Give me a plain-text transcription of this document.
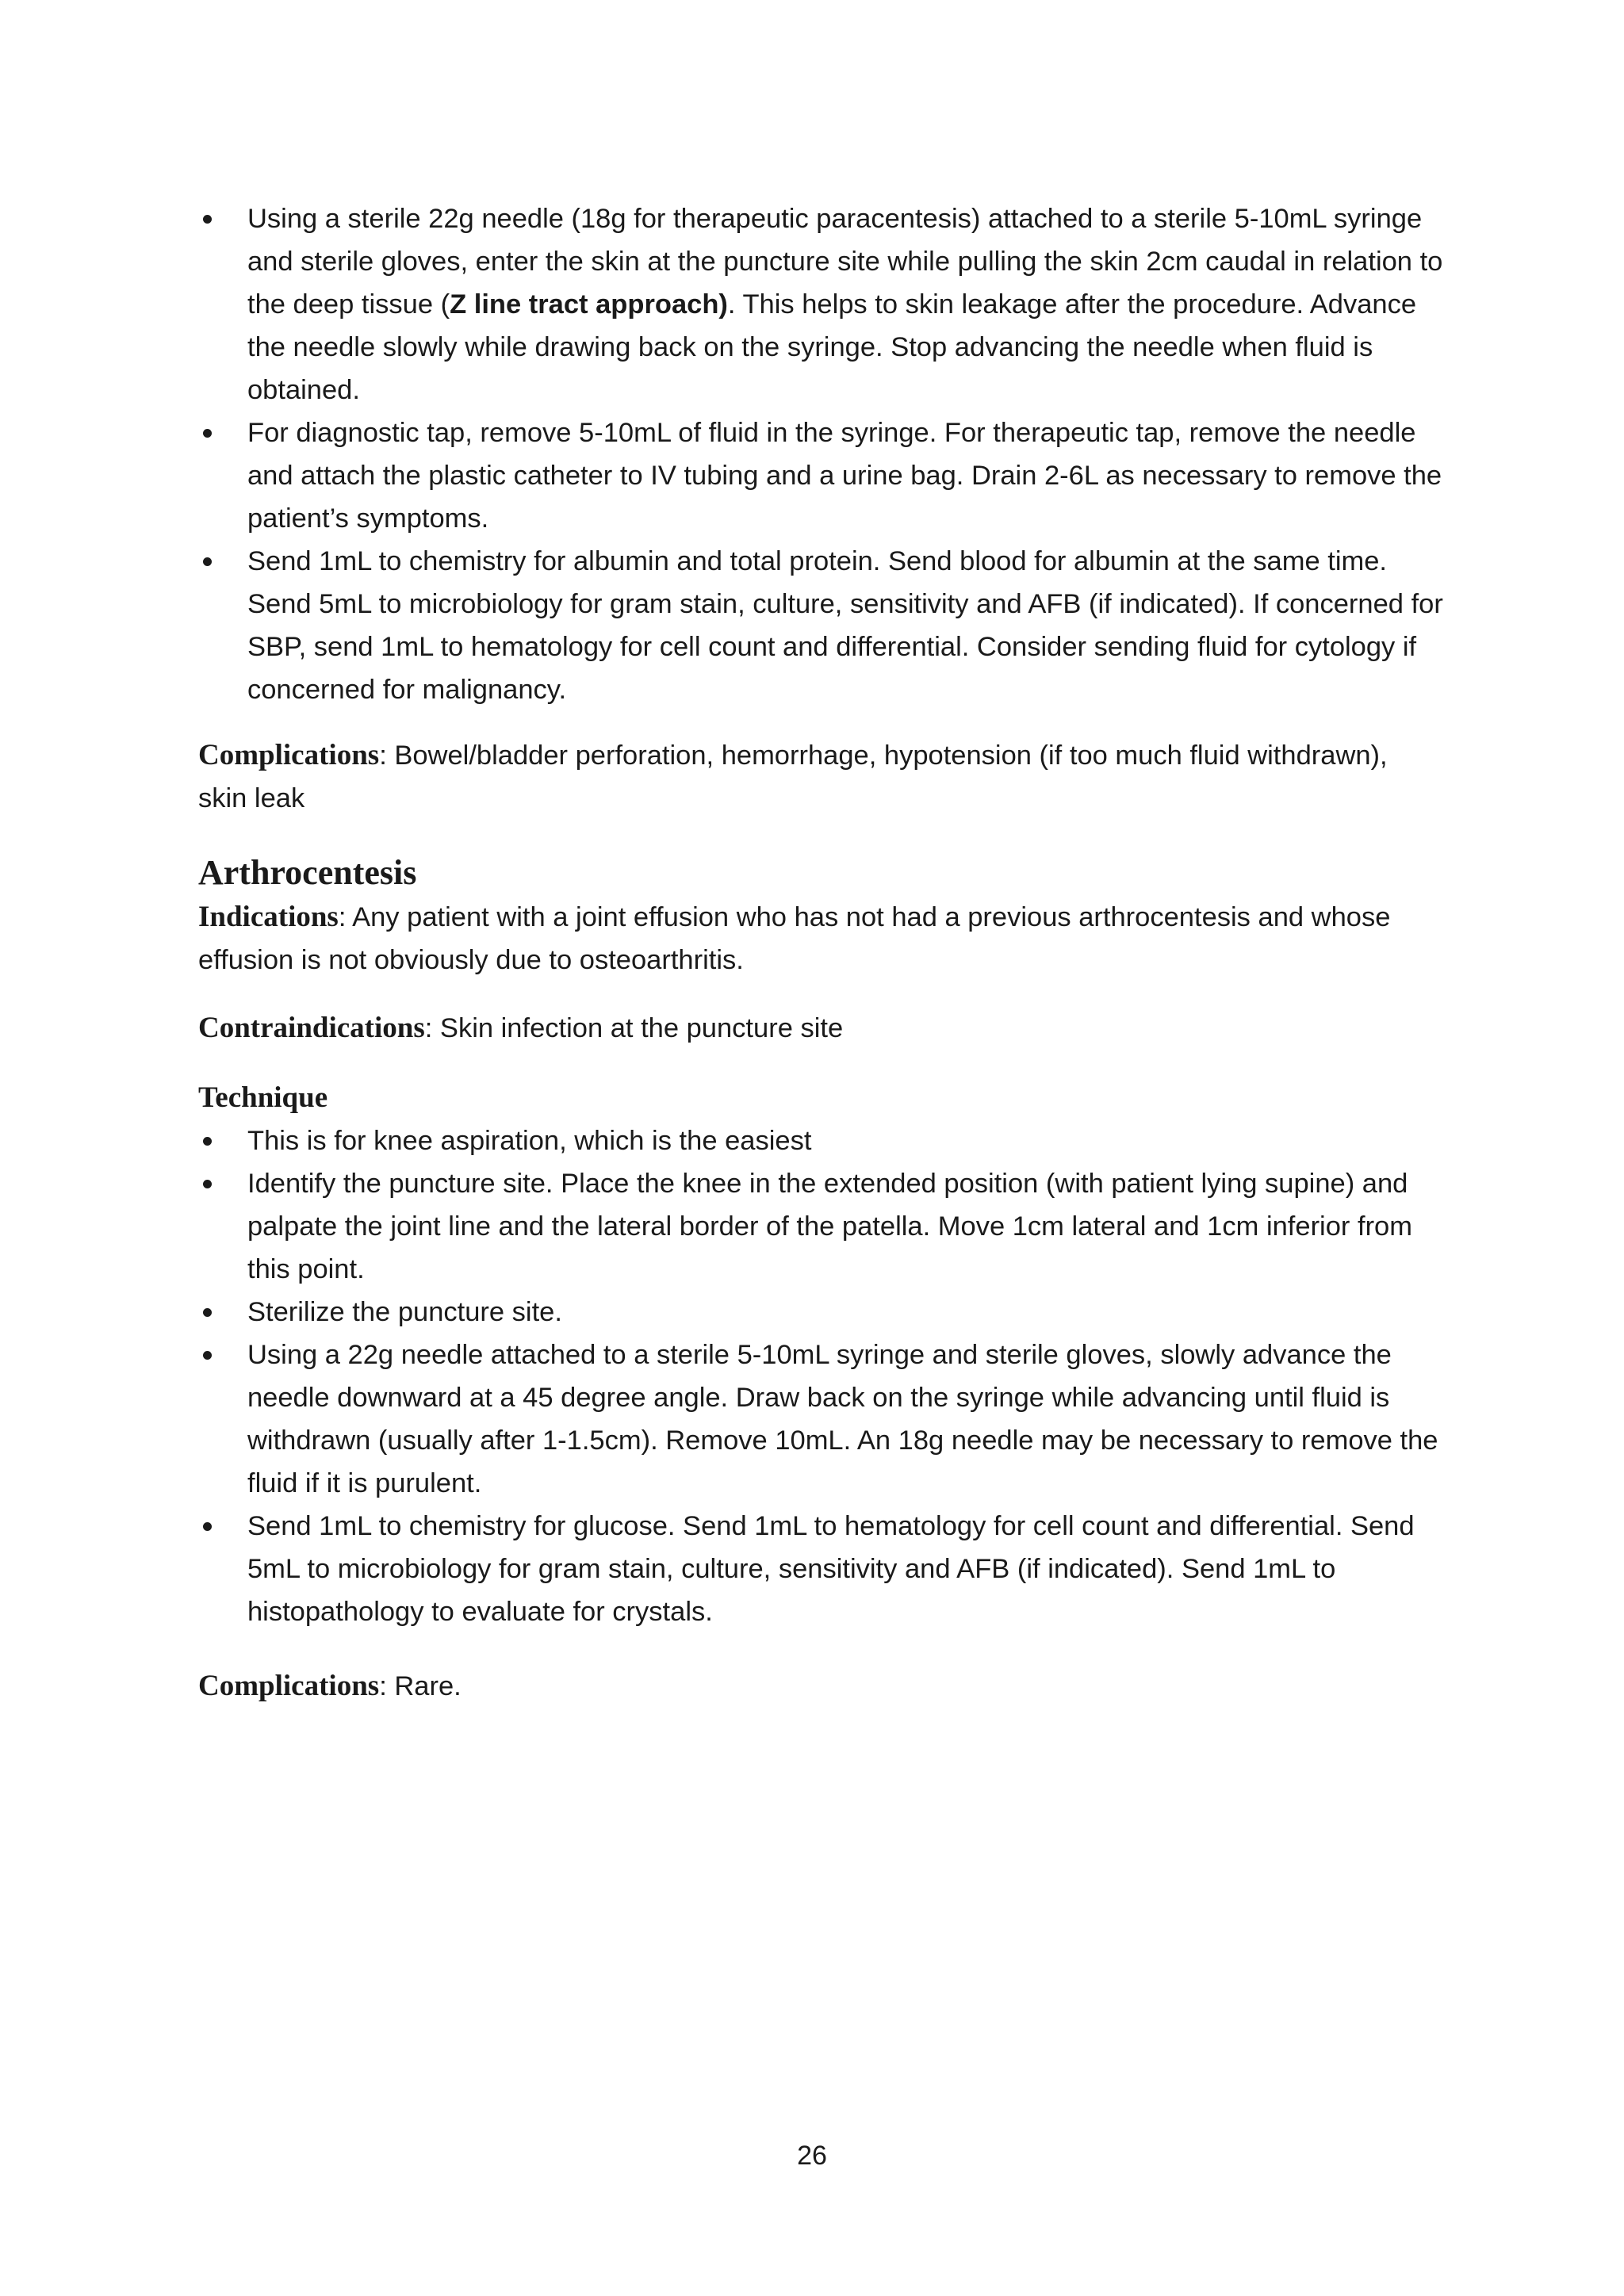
Using a sterile 22g needle (18g for therapeutic paracentesis) attached to a sterile 5-10mL syringe and sterile gloves, enter the skin at the puncture site while pulling the skin 2cm caudal in relation to the deep tissue (Z line tract approach). This helps to skin leakage after the procedure. Advance the needle slowly while drawing back on the syringe. Stop advancing the needle when fluid is obtained.
For diagnostic tap, remove 5-10mL of fluid in the syringe. For therapeutic tap, remove the needle and attach the plastic catheter to IV tubing and a urine bag. Drain 2-6L as necessary to remove the patient’s symptoms.
Send 1mL to chemistry for albumin and total protein. Send blood for albumin at the same time. Send 5mL to microbiology for gram stain, culture, sensitivity and AFB (if indicated). If concerned for SBP, send 1mL to hematology for cell count and differential. Consider sending fluid for cytology if concerned for malignancy.

Complications: Bowel/bladder perforation, hemorrhage, hypotension (if too much fluid withdrawn), skin leak

Arthrocentesis

Indications: Any patient with a joint effusion who has not had a previous arthrocentesis and whose effusion is not obviously due to osteoarthritis.

Contraindications: Skin infection at the puncture site

Technique
This is for knee aspiration, which is the easiest
Identify the puncture site. Place the knee in the extended position (with patient lying supine) and palpate the joint line and the lateral border of the patella. Move 1cm lateral and 1cm inferior from this point.
Sterilize the puncture site.
Using a 22g needle attached to a sterile 5-10mL syringe and sterile gloves, slowly advance the needle downward at a 45 degree angle. Draw back on the syringe while advancing until fluid is withdrawn (usually after 1-1.5cm). Remove 10mL. An 18g needle may be necessary to remove the fluid if it is purulent.
Send 1mL to chemistry for glucose. Send 1mL to hematology for cell count and differential. Send 5mL to microbiology for gram stain, culture, sensitivity and AFB (if indicated). Send 1mL to histopathology to evaluate for crystals.

Complications: Rare.

26
